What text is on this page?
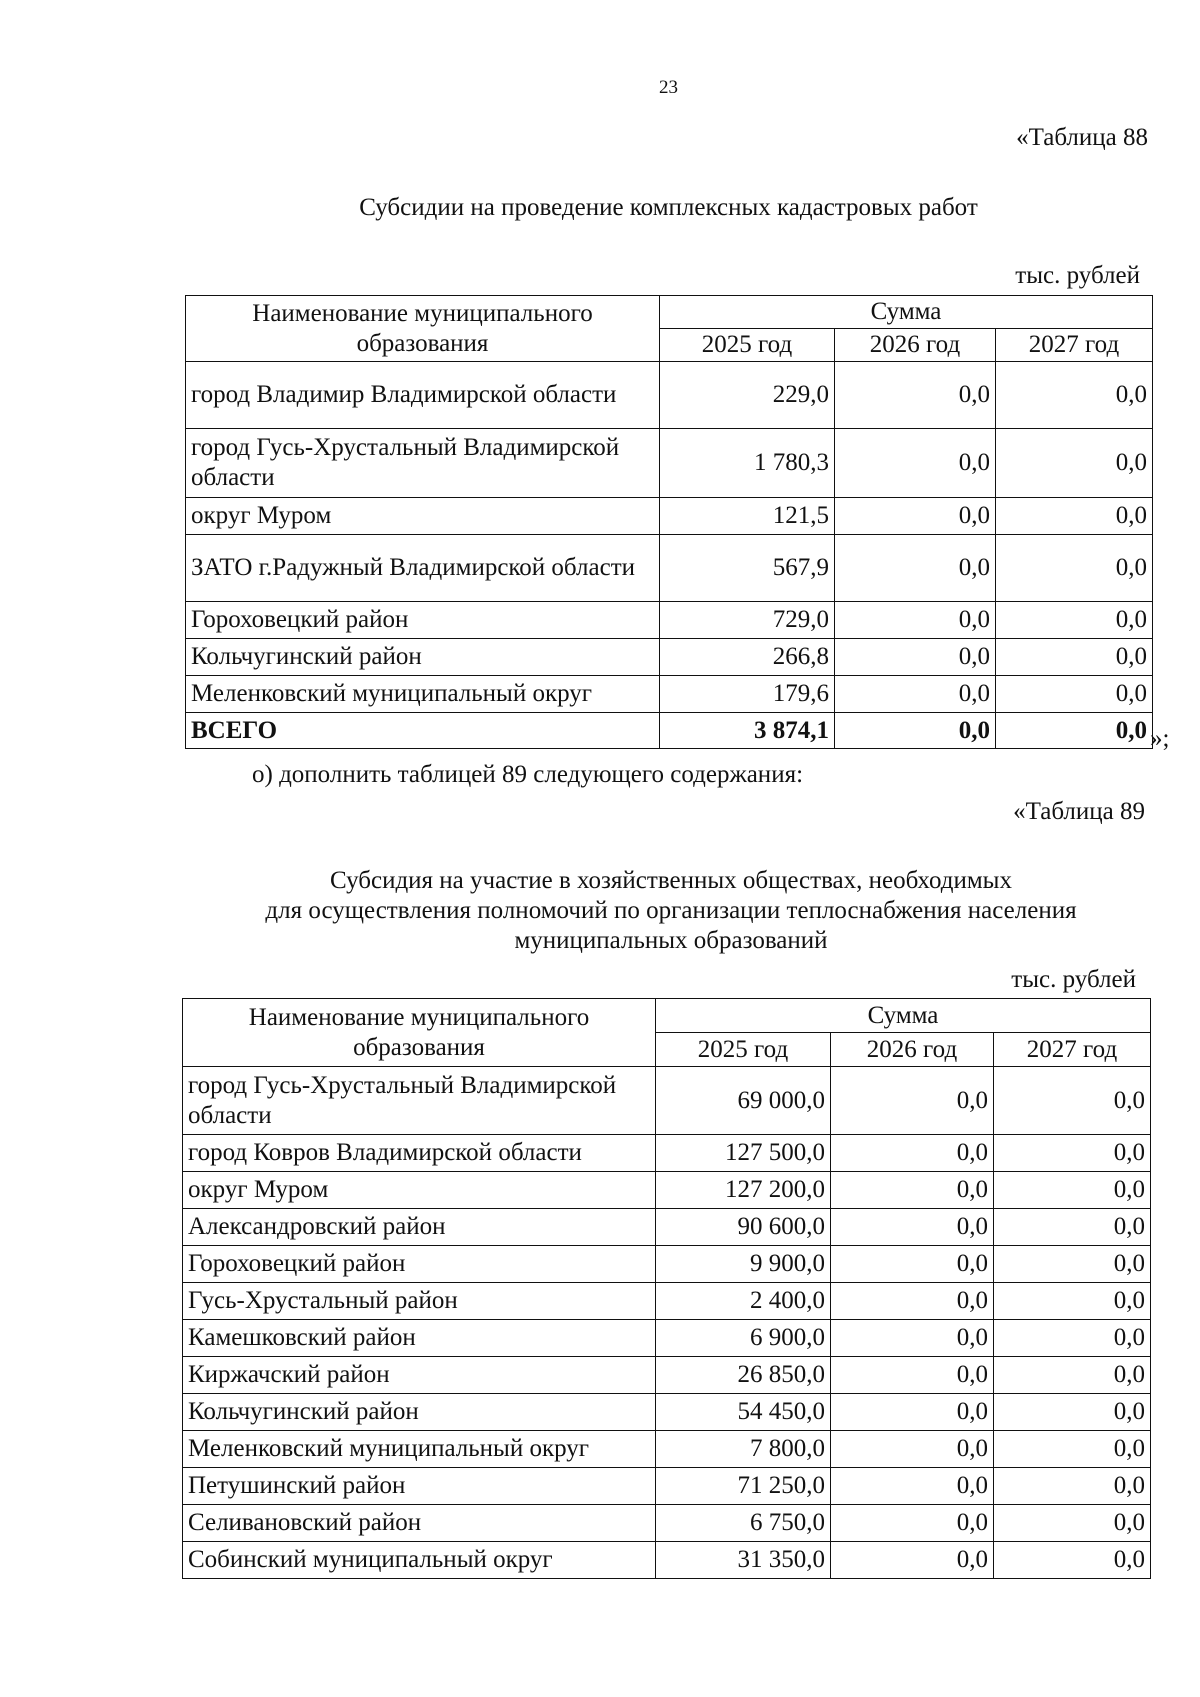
23
«Таблица 88
Субсидии на проведение комплексных кадастровых работ
тыс. рублей
Наименование муниципального образования	Сумма		
	2025 год	2026 год	2027 год
город Владимир Владимирской области	229,0	0,0	0,0
город Гусь-Хрустальный Владимирской области	1 780,3	0,0	0,0
округ Муром	121,5	0,0	0,0
ЗАТО г.Радужный Владимирской области	567,9	0,0	0,0
Гороховецкий район	729,0	0,0	0,0
Кольчугинский район	266,8	0,0	0,0
Меленковский муниципальный округ	179,6	0,0	0,0
ВСЕГО	3 874,1	0,0	0,0 »;
о) дополнить таблицей 89 следующего содержания:
«Таблица 89
Субсидия на участие в хозяйственных обществах, необходимых
для осуществления полномочий по организации теплоснабжения населения
муниципальных образований
тыс. рублей
Наименование муниципального образования	Сумма		
	2025 год	2026 год	2027 год
город Гусь-Хрустальный Владимирской области	69 000,0	0,0	0,0
город Ковров Владимирской области	127 500,0	0,0	0,0
округ Муром	127 200,0	0,0	0,0
Александровский район	90 600,0	0,0	0,0
Гороховецкий район	9 900,0	0,0	0,0
Гусь-Хрустальный район	2 400,0	0,0	0,0
Камешковский район	6 900,0	0,0	0,0
Киржачский район	26 850,0	0,0	0,0
Кольчугинский район	54 450,0	0,0	0,0
Меленковский муниципальный округ	7 800,0	0,0	0,0
Петушинский район	71 250,0	0,0	0,0
Селивановский район	6 750,0	0,0	0,0
Собинский муниципальный округ	31 350,0	0,0	0,0
